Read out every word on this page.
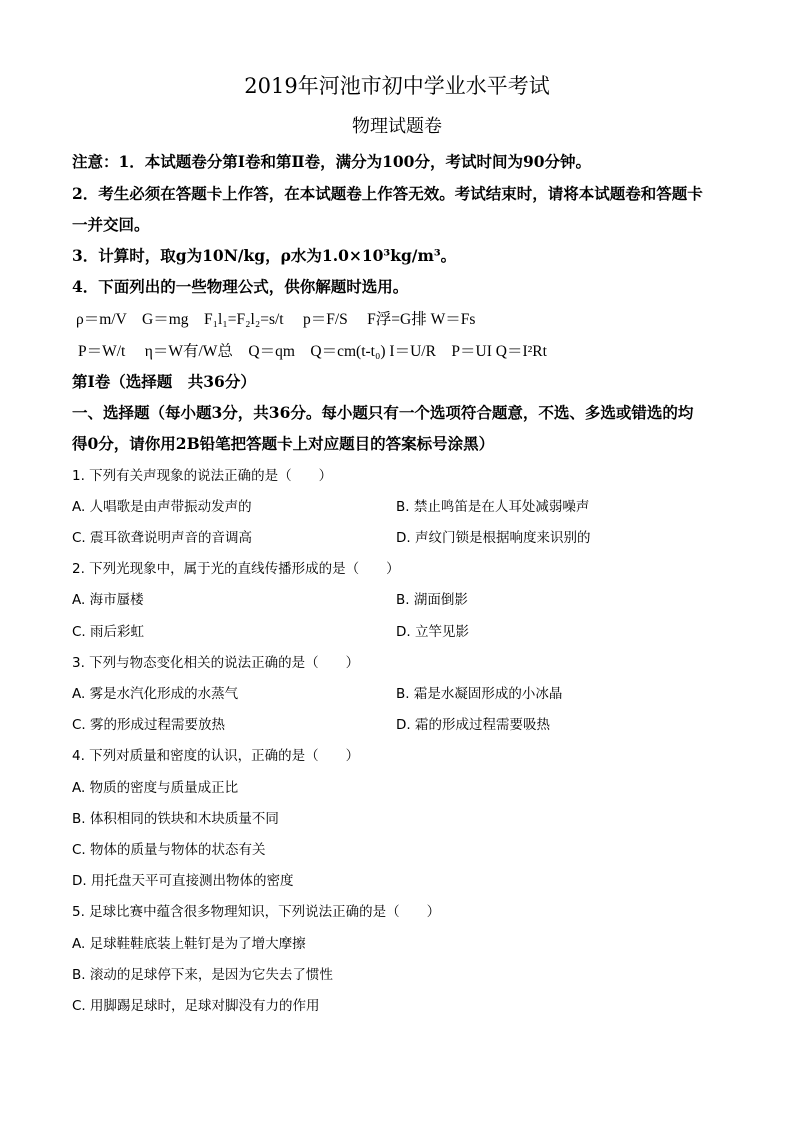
2019年河池市初中学业水平考试
物理试题卷
注意：1．本试题卷分第Ⅰ卷和第Ⅱ卷，满分为100分，考试时间为90分钟。
2．考生必须在答题卡上作答，在本试题卷上作答无效。考试结束时，请将本试题卷和答题卡
一并交回。
3．计算时，取g为10N/kg，ρ水为1.0×10³kg/m³。
4．下面列出的一些物理公式，供你解题时选用。
ρ＝m/V　G＝mg　F₁l₁=F₂l₂=s/t　 p＝F/S　 F浮=G排 W＝Fs
P＝W/t　 η＝W有/W总　Q＝qm　Q＝cm(t-t₀) I＝U/R　P＝UI Q＝I²Rt
第Ⅰ卷（选择题　共36分）
一、选择题（每小题3分，共36分。每小题只有一个选项符合题意，不选、多选或错选的均
得0分，请你用2B铅笔把答题卡上对应题目的答案标号涂黑）
1. 下列有关声现象的说法正确的是（　　）
A. 人唱歌是由声带振动发声的	B. 禁止鸣笛是在人耳处减弱噪声
C. 震耳欲聋说明声音的音调高	D. 声纹门锁是根据响度来识别的
2. 下列光现象中，属于光的直线传播形成的是（　　）
A. 海市蜃楼	B. 湖面倒影
C. 雨后彩虹	D. 立竿见影
3. 下列与物态变化相关的说法正确的是（　　）
A. 雾是水汽化形成的水蒸气	B. 霜是水凝固形成的小冰晶
C. 雾的形成过程需要放热	D. 霜的形成过程需要吸热
4. 下列对质量和密度的认识，正确的是（　　）
A. 物质的密度与质量成正比
B. 体积相同的铁块和木块质量不同
C. 物体的质量与物体的状态有关
D. 用托盘天平可直接测出物体的密度
5. 足球比赛中蕴含很多物理知识，下列说法正确的是（　　）
A. 足球鞋鞋底装上鞋钉是为了增大摩擦
B. 滚动的足球停下来，是因为它失去了惯性
C. 用脚踢足球时，足球对脚没有力的作用
